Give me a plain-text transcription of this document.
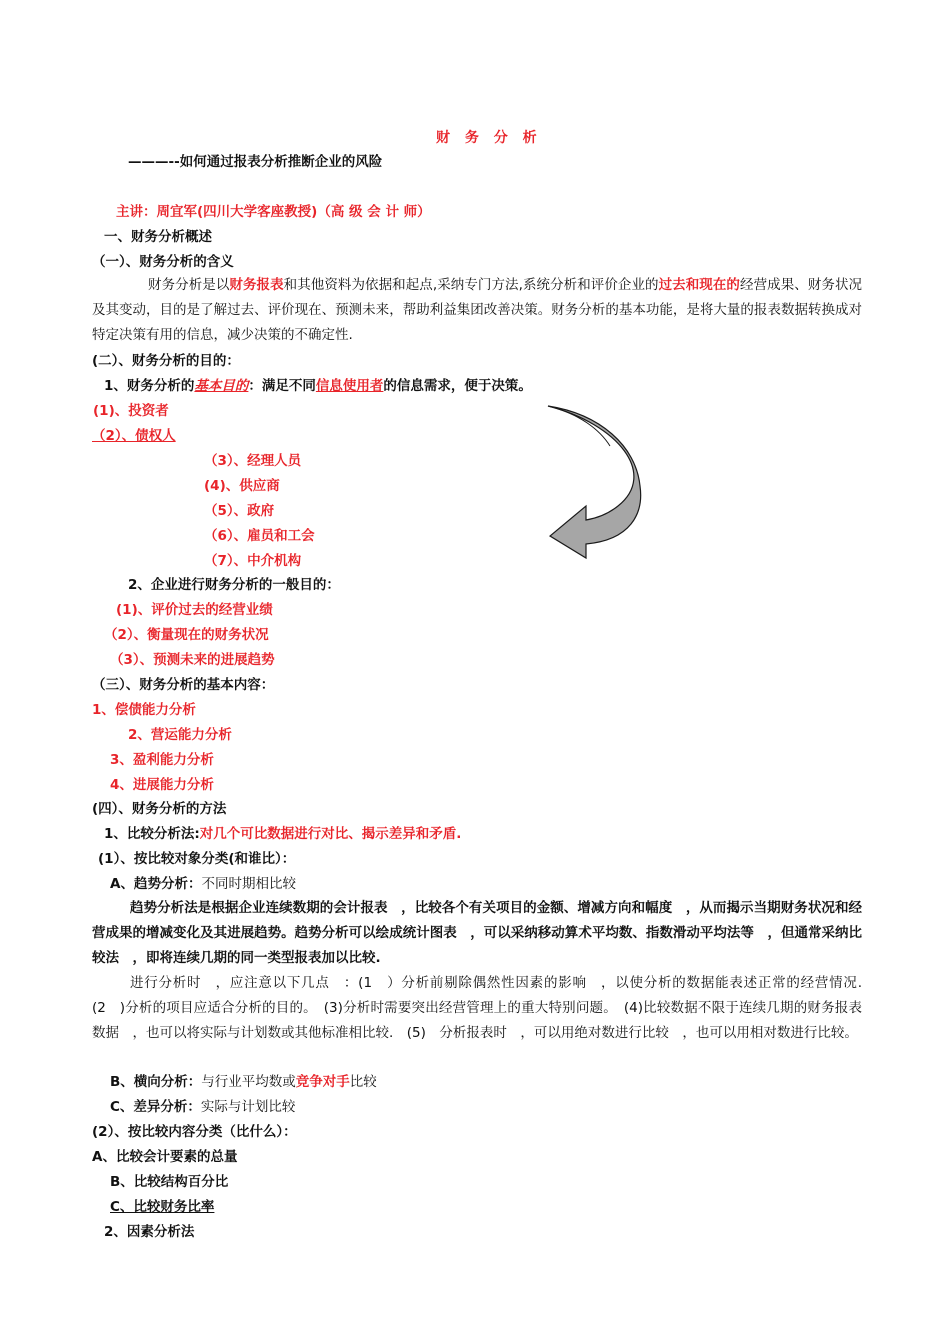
财 务 分 析
———--如何通过报表分析推断企业的风险
主讲：周宜军(四川大学客座教授)（高 级 会 计 师）
一、财务分析概述
（一）、财务分析的含义
财务分析是以财务报表和其他资料为依据和起点,采纳专门方法,系统分析和评价企业的过去和现在的经营成果、财务状况及其变动，目的是了解过去、评价现在、预测未来，帮助利益集团改善决策。财务分析的基本功能，是将大量的报表数据转换成对特定决策有用的信息，减少决策的不确定性.
(二）、财务分析的目的：
1、财务分析的基本目的：满足不同信息使用者的信息需求，便于决策。
(1)、投资者
（2）、债权人
（3）、经理人员
(4)、供应商
（5）、政府
（6）、雇员和工会
（7）、中介机构
2、企业进行财务分析的一般目的：
(1)、评价过去的经营业绩
（2）、衡量现在的财务状况
（3）、预测未来的进展趋势
（三）、财务分析的基本内容：
1、偿债能力分析
2、营运能力分析
3、盈利能力分析
4、进展能力分析
(四）、财务分析的方法
1、比较分析法:对几个可比数据进行对比、揭示差异和矛盾.
(1）、按比较对象分类(和谁比）：
A、趋势分析：不同时期相比较
趋势分析法是根据企业连续数期的会计报表　，比较各个有关项目的金额、增减方向和幅度　，从而揭示当期财务状况和经营成果的增减变化及其进展趋势。趋势分析可以绘成统计图表　，可以采纳移动算术平均数、指数滑动平均法等　，但通常采纳比较法　，即将连续几期的同一类型报表加以比较.
进行分析时　，应注意以下几点　：(1　）分析前剔除偶然性因素的影响　，以使分析的数据能表述正常的经营情况.　(2　)分析的项目应适合分析的目的。　(3)分析时需要突出经营管理上的重大特别问题。　(4)比较数据不限于连续几期的财务报表数据　，也可以将实际与计划数或其他标准相比较.　(5)　分析报表时　，可以用绝对数进行比较　，也可以用相对数进行比较。
B、横向分析：与行业平均数或竞争对手比较
C、差异分析：实际与计划比较
(2）、按比较内容分类（比什么）：
A、比较会计要素的总量
B、比较结构百分比
C、比较财务比率
2、因素分析法
